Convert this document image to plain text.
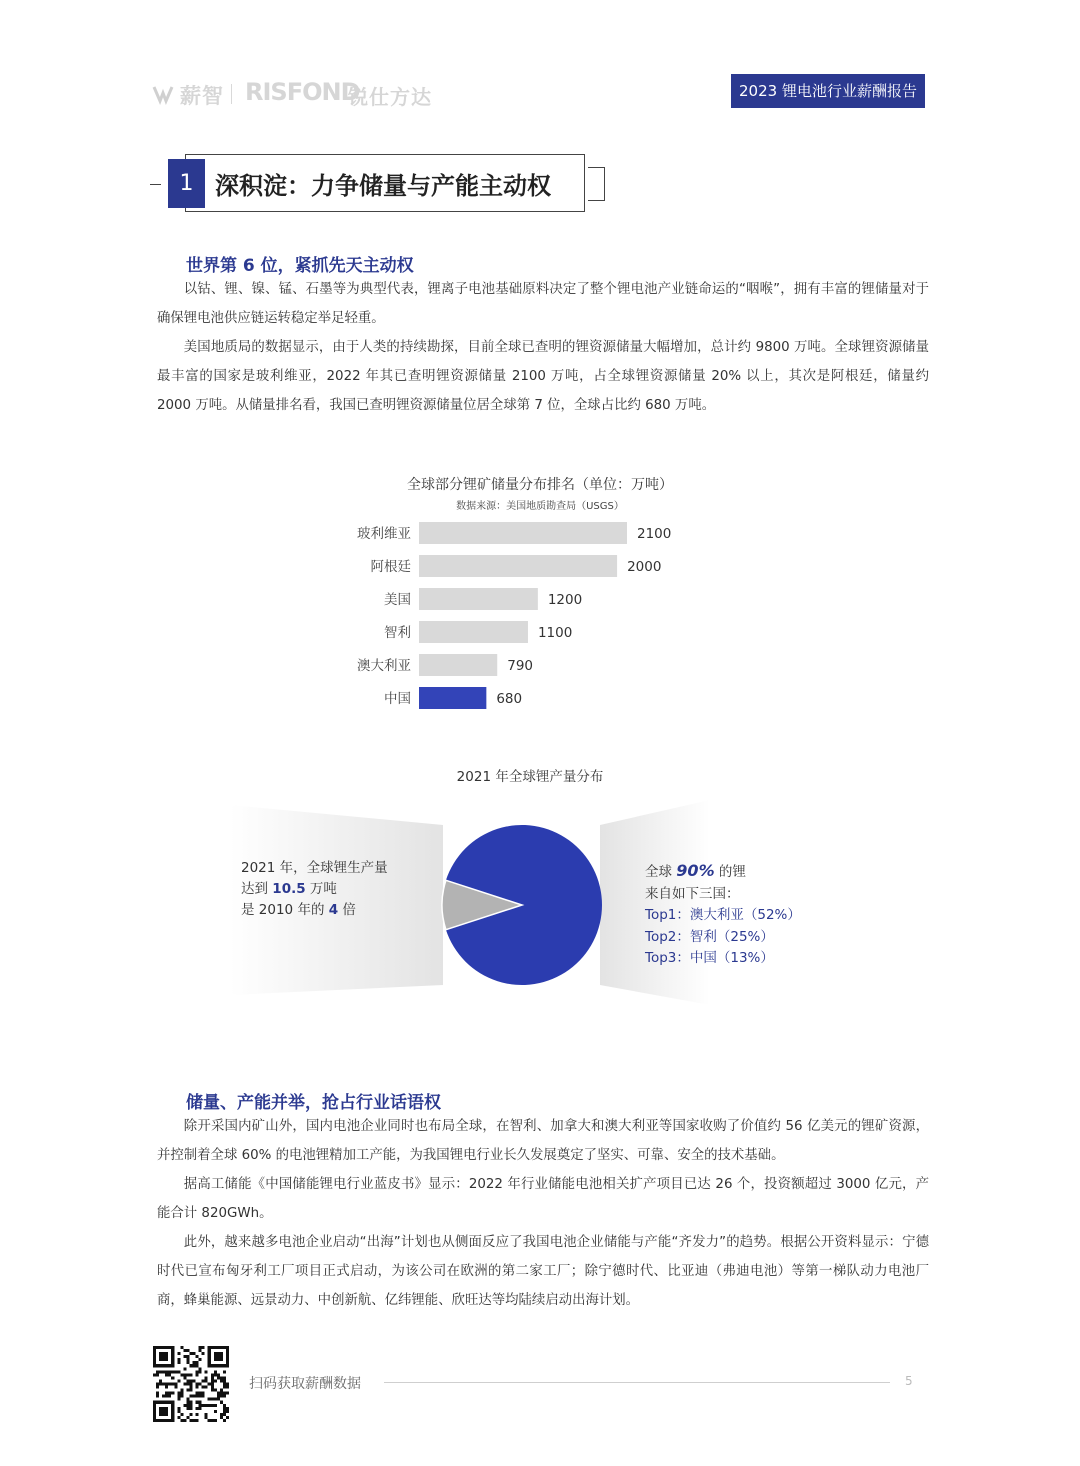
薪智 RISFOND
锐仕方达	2023 锂电池行业薪酬报告
1 深积淀：力争储量与产能主动权
世界第 6 位，紧抓先天主动权

以钴、锂、镍、锰、石墨等为典型代表，锂离子电池基础原料决定了整个锂电池产业链命运的“咽喉”，拥有丰富的锂储量对于确保锂电池供应链运转稳定举足轻重。

美国地质局的数据显示，由于人类的持续勘探，目前全球已查明的锂资源储量大幅增加，总计约 9800 万吨。全球锂资源储量最丰富的国家是玻利维亚，2022 年其已查明锂资源储量 2100 万吨，占全球锂资源储量 20% 以上，其次是阿根廷，储量约 2000 万吨。从储量排名看，我国已查明锂资源储量位居全球第 7 位，全球占比约 680 万吨。

全球部分锂矿储量分布排名（单位：万吨）
数据来源：美国地质勘查局（USGS）
玻利维亚	2100
阿根廷	2000
美国	1200
智利	1100
澳大利亚	790
中国	680
2021 年全球锂产量分布
2021 年，全球锂生产量
达到 10.5 万吨
是 2010 年的 4 倍
全球 90% 的锂
来自如下三国：
Top1：澳大利亚（52%）
Top2：智利（25%）
Top3：中国（13%）
储量、产能并举，抢占行业话语权

除开采国内矿山外，国内电池企业同时也布局全球，在智利、加拿大和澳大利亚等国家收购了价值约 56 亿美元的锂矿资源，并控制着全球 60% 的电池锂精加工产能，为我国锂电行业长久发展奠定了坚实、可靠、安全的技术基础。

据高工储能《中国储能锂电行业蓝皮书》显示：2022 年行业储能电池相关扩产项目已达 26 个，投资额超过 3000 亿元，产能合计 820GWh。

此外，越来越多电池企业启动“出海”计划也从侧面反应了我国电池企业储能与产能“齐发力”的趋势。根据公开资料显示：宁德时代已宣布匈牙利工厂项目正式启动，为该公司在欧洲的第二家工厂；除宁德时代、比亚迪（弗迪电池）等第一梯队动力电池厂商，蜂巢能源、远景动力、中创新航、亿纬锂能、欣旺达等均陆续启动出海计划。

扫码获取薪酬数据	5
